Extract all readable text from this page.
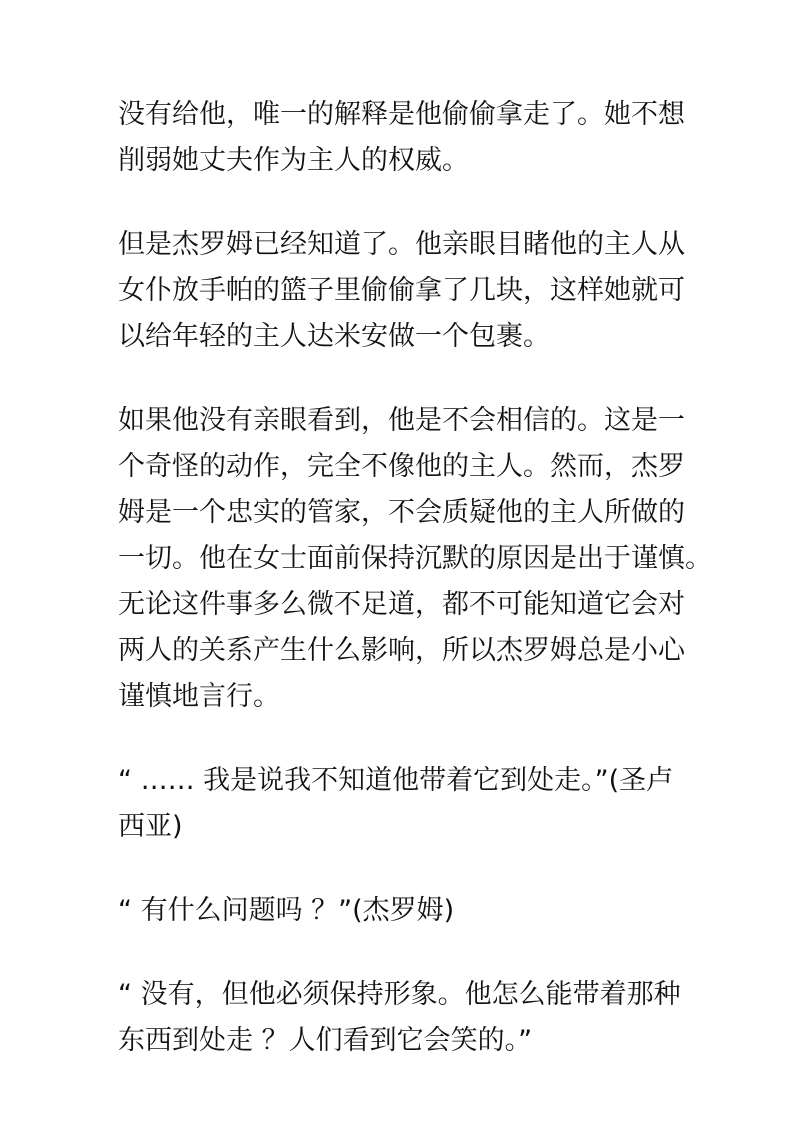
没有给他，唯一的解释是他偷偷拿走了。她不想
削弱她丈夫作为主人的权威。
但是杰罗姆已经知道了。他亲眼目睹他的主人从
女仆放手帕的篮子里偷偷拿了几块，这样她就可
以给年轻的主人达米安做一个包裹。
如果他没有亲眼看到，他是不会相信的。这是一
个奇怪的动作，完全不像他的主人。然而，杰罗
姆是一个忠实的管家，不会质疑他的主人所做的
一切。他在女士面前保持沉默的原因是出于谨慎。
无论这件事多么微不足道，都不可能知道它会对
两人的关系产生什么影响，所以杰罗姆总是小心
谨慎地言行。
“ …… 我是说我不知道他带着它到处走。”(圣卢
西亚)
“ 有什么问题吗 ？”(杰罗姆)
“ 没有，但他必须保持形象。他怎么能带着那种
东西到处走 ？人们看到它会笑的。”
